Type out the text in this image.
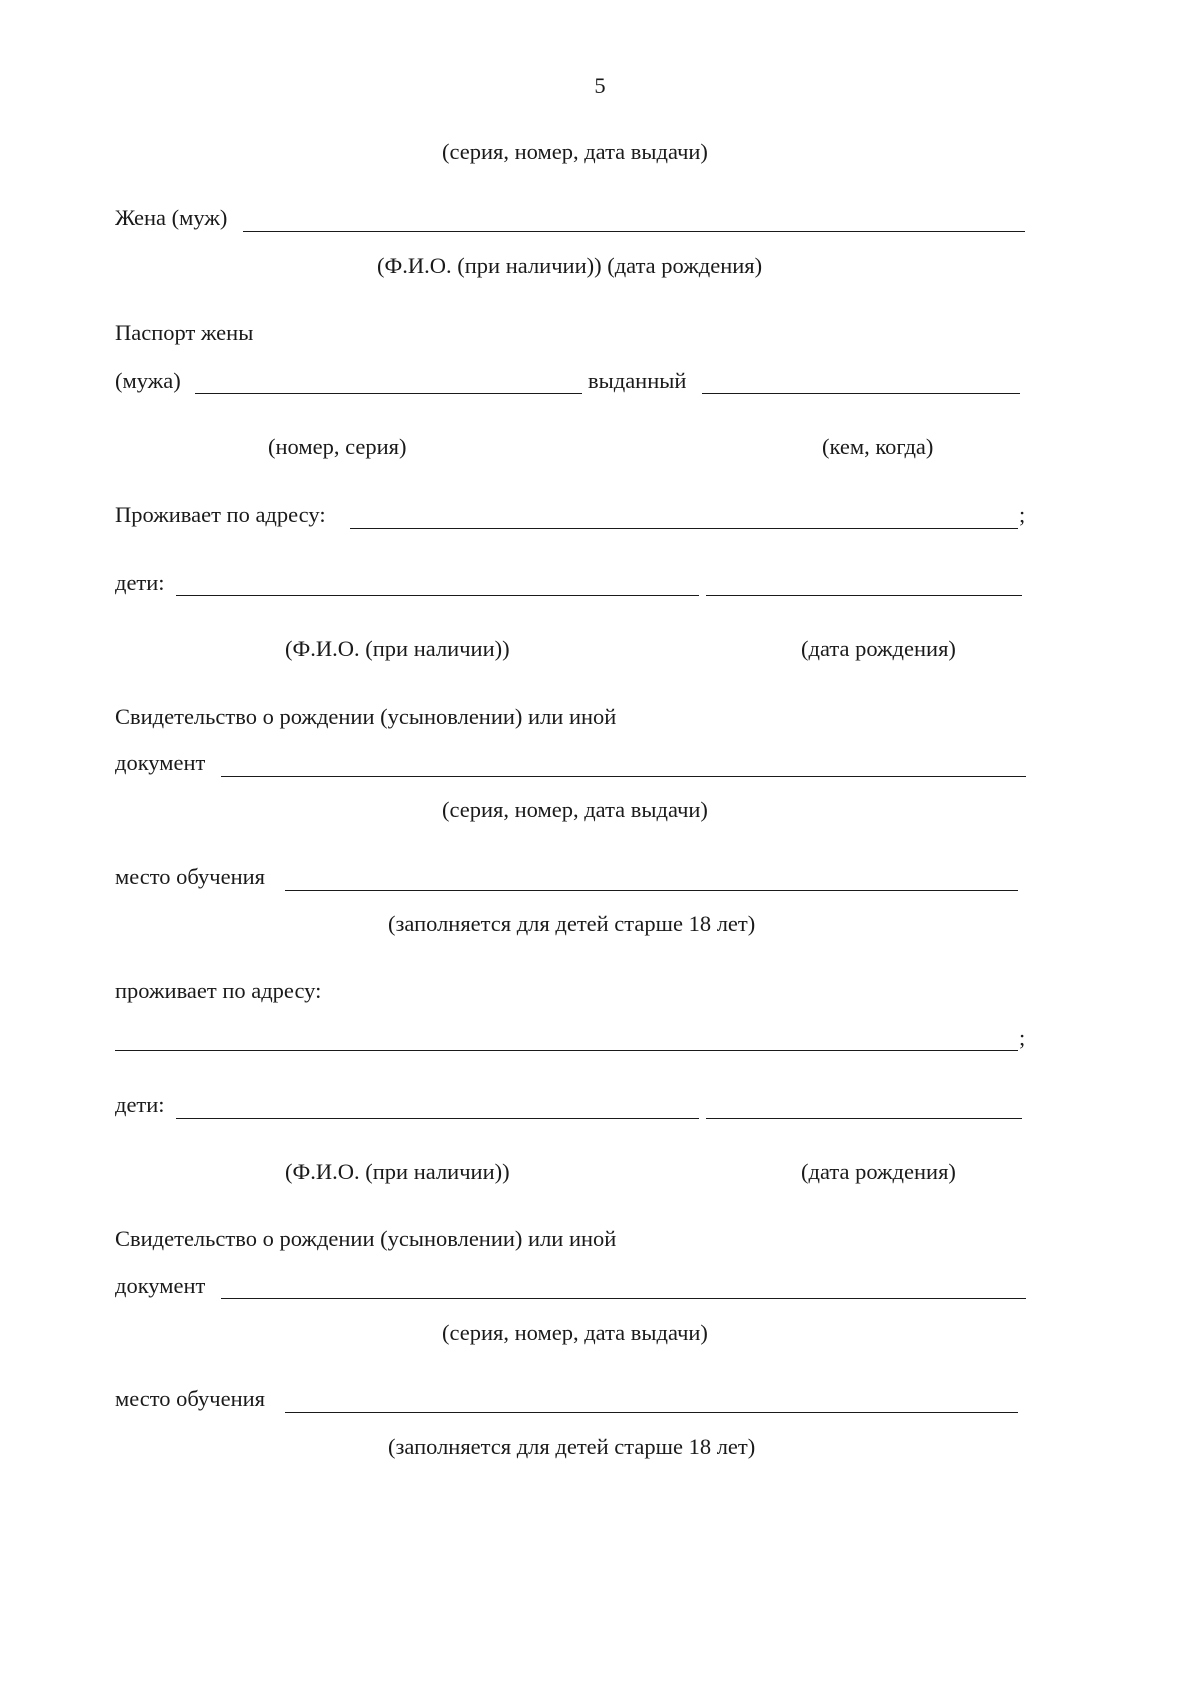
5
(серия, номер, дата выдачи)
Жена (муж)
(Ф.И.О. (при наличии)) (дата рождения)
Паспорт жены
(мужа)	выданный
(номер, серия)	(кем, когда)
Проживает по адресу:	;
дети:
(Ф.И.О. (при наличии))	(дата рождения)
Свидетельство о рождении (усыновлении) или иной
документ
(серия, номер, дата выдачи)
место обучения
(заполняется для детей старше 18 лет)
проживает по адресу:
;
дети:
(Ф.И.О. (при наличии))	(дата рождения)
Свидетельство о рождении (усыновлении) или иной
документ
(серия, номер, дата выдачи)
место обучения
(заполняется для детей старше 18 лет)
